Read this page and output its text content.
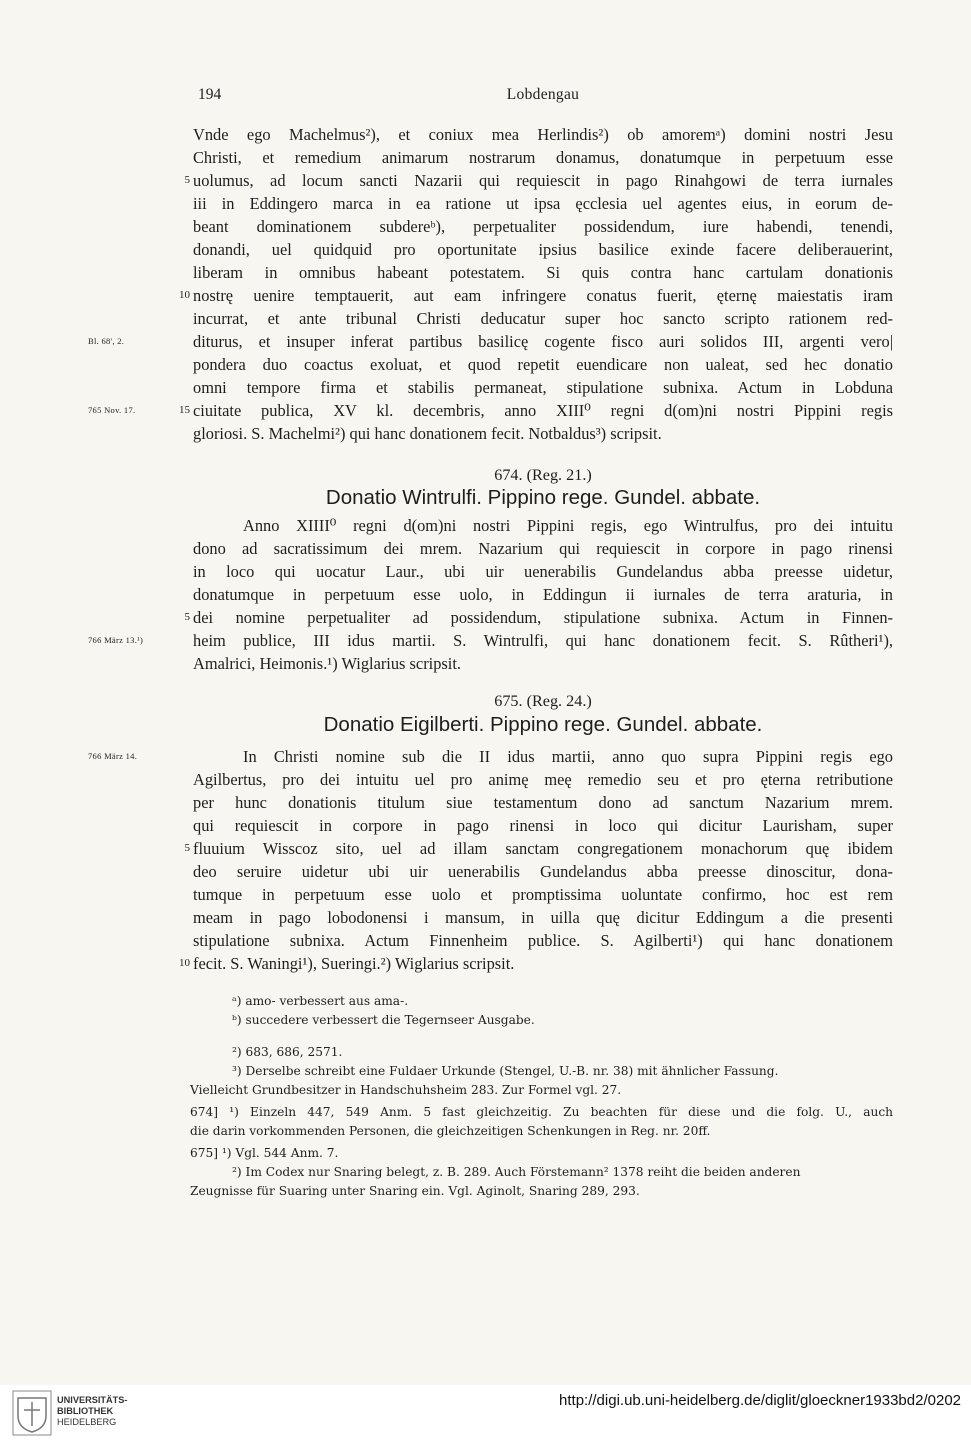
194	Lobdengau
Vnde ego Machelmus²), et coniux mea Herlindis²) ob amoremᵃ) domini nostri Jesu
Christi, et remedium animarum nostrarum donamus, donatumque in perpetuum esse
uolumus, ad locum sancti Nazarii qui requiescit in pago Rinahgowi de terra iurnales
iii in Eddingero marca in ea ratione ut ipsa ęcclesia uel agentes eius, in eorum de-
beant dominationem subdereᵇ), perpetualiter possidendum, iure habendi, tenendi,
donandi, uel quidquid pro oportunitate ipsius basilice exinde facere deliberauerint,
liberam in omnibus habeant potestatem. Si quis contra hanc cartulam donationis
nostrę uenire temptauerit, aut eam infringere conatus fuerit, ęternę maiestatis iram
incurrat, et ante tribunal Christi deducatur super hoc sancto scripto rationem red-
diturus, et insuper inferat partibus basilicę cogente fisco auri solidos III, argenti vero|
pondera duo coactus exoluat, et quod repetit euendicare non ualeat, sed hec donatio
omni tempore firma et stabilis permaneat, stipulatione subnixa. Actum in Lobduna
ciuitate publica, XV kl. decembris, anno XIII⁰ regni d(om)ni nostri Pippini regis
gloriosi. S. Machelmi²) qui hanc donationem fecit. Notbaldus³) scripsit.
5
10
15
Bl. 68', 2.
765 Nov. 17.
674. (Reg. 21.)
Donatio Wintrulfi. Pippino rege. Gundel. abbate.
Anno XIIII⁰ regni d(om)ni nostri Pippini regis, ego Wintrulfus, pro dei intuitu
dono ad sacratissimum dei mrem. Nazarium qui requiescit in corpore in pago rinensi
in loco qui uocatur Laur., ubi uir uenerabilis Gundelandus abba preesse uidetur,
donatumque in perpetuum esse uolo, in Eddingun ii iurnales de terra araturia, in
dei nomine perpetualiter ad possidendum, stipulatione subnixa. Actum in Finnen-
heim publice, III idus martii. S. Wintrulfi, qui hanc donationem fecit. S. Rûtheri¹),
Amalrici, Heimonis.¹) Wiglarius scripsit.
5
766 März 13.¹)
675. (Reg. 24.)
Donatio Eigilberti. Pippino rege. Gundel. abbate.
In Christi nomine sub die II idus martii, anno quo supra Pippini regis ego
Agilbertus, pro dei intuitu uel pro animę meę remedio seu et pro ęterna retributione
per hunc donationis titulum siue testamentum dono ad sanctum Nazarium mrem.
qui requiescit in corpore in pago rinensi in loco qui dicitur Laurisham, super
fluuium Wisscoz sito, uel ad illam sanctam congregationem monachorum quę ibidem
deo seruire uidetur ubi uir uenerabilis Gundelandus abba preesse dinoscitur, dona-
tumque in perpetuum esse uolo et promptissima uoluntate confirmo, hoc est rem
meam in pago lobodonensi i mansum, in uilla quę dicitur Eddingum a die presenti
stipulatione subnixa. Actum Finnenheim publice. S. Agilberti¹) qui hanc donationem
fecit. S. Waningi¹), Sueringi.²) Wiglarius scripsit.
5
10
766 März 14.
ᵃ) amo- verbessert aus ama-.
ᵇ) succedere verbessert die Tegernseer Ausgabe.
²) 683, 686, 2571.
³) Derselbe schreibt eine Fuldaer Urkunde (Stengel, U.-B. nr. 38) mit ähnlicher Fassung.
Vielleicht Grundbesitzer in Handschuhsheim 283. Zur Formel vgl. 27.
674] ¹) Einzeln 447, 549 Anm. 5 fast gleichzeitig. Zu beachten für diese und die folg. U., auch
die darin vorkommenden Personen, die gleichzeitigen Schenkungen in Reg. nr. 20ff.
675] ¹) Vgl. 544 Anm. 7.
²) Im Codex nur Snaring belegt, z. B. 289. Auch Förstemann² 1378 reiht die beiden anderen
Zeugnisse für Suaring unter Snaring ein. Vgl. Aginolt, Snaring 289, 293.
UNIVERSITÄTS-
BIBLIOTHEK
HEIDELBERG
http://digi.ub.uni-heidelberg.de/diglit/gloeckner1933bd2/0202
